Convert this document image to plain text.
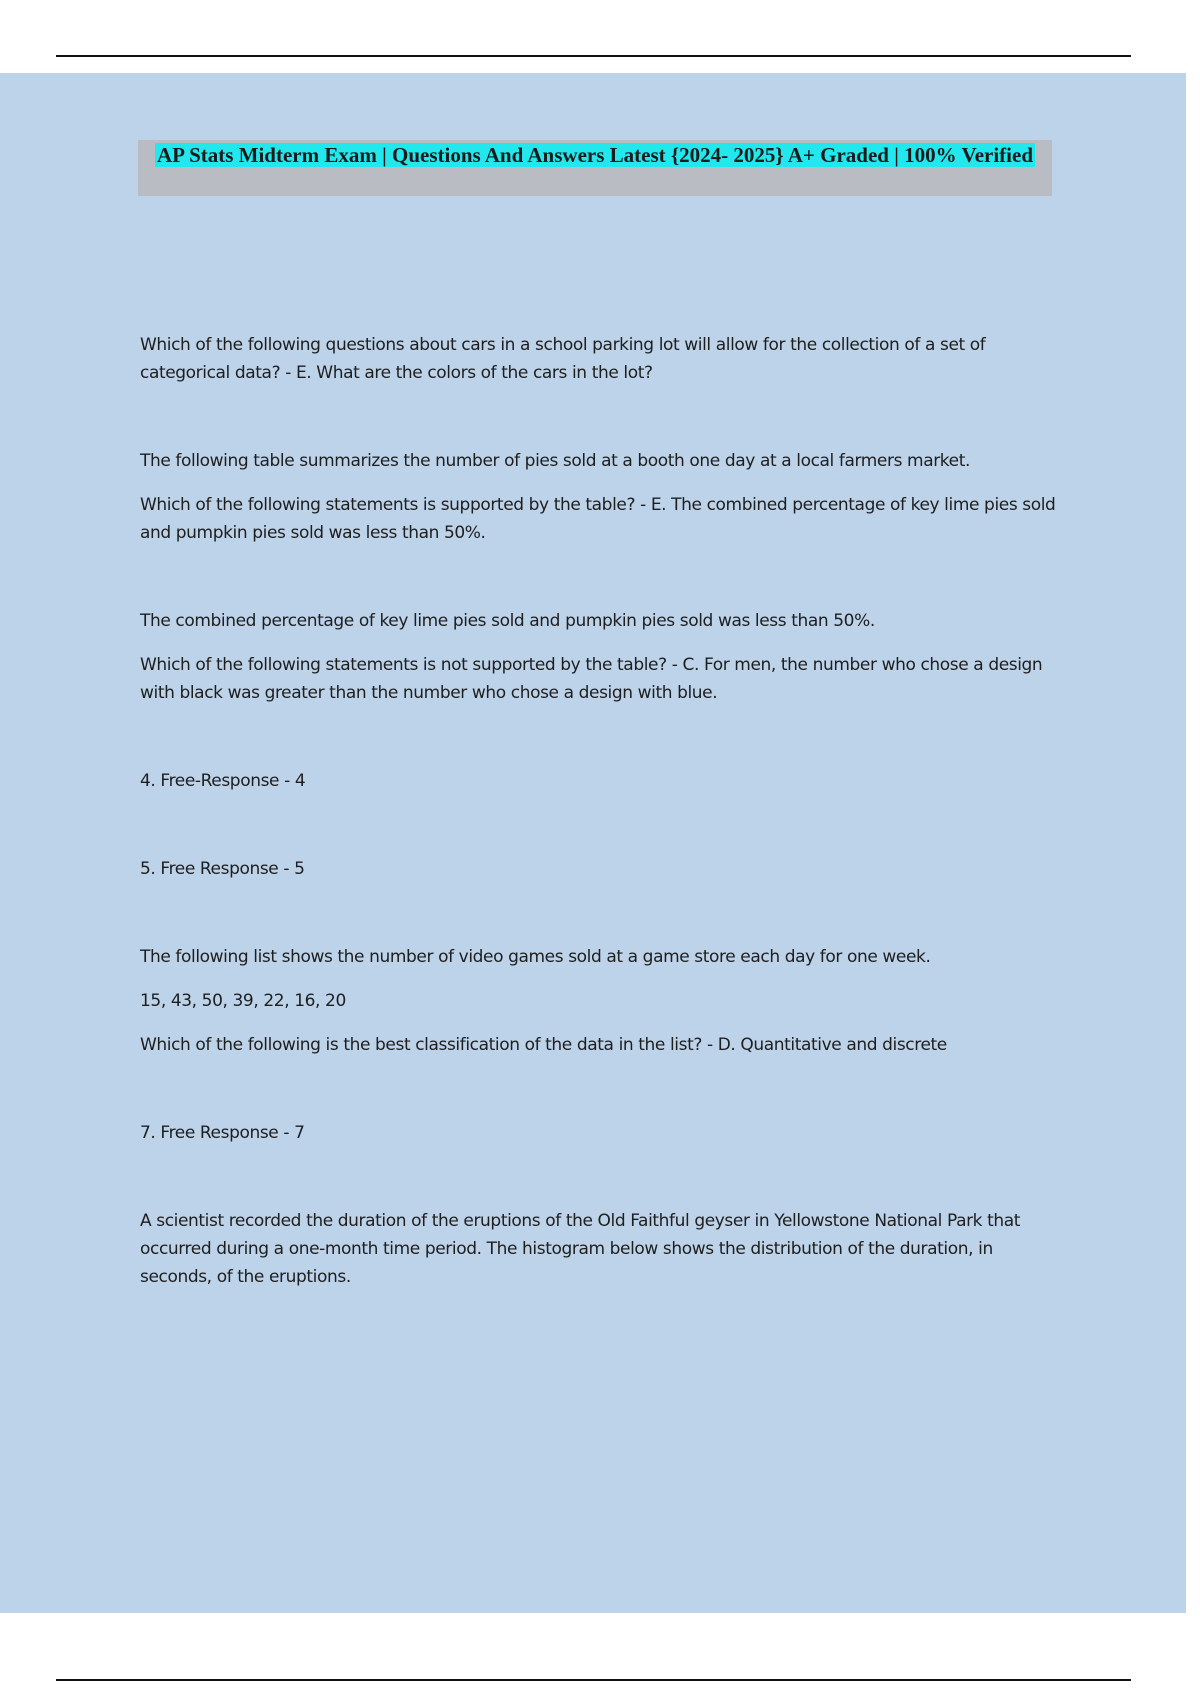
AP Stats Midterm Exam | Questions And Answers Latest {2024- 2025} A+ Graded | 100% Verified

Which of the following questions about cars in a school parking lot will allow for the collection of a set of categorical data? - E. What are the colors of the cars in the lot?

The following table summarizes the number of pies sold at a booth one day at a local farmers market.

Which of the following statements is supported by the table? - E. The combined percentage of key lime pies sold and pumpkin pies sold was less than 50%.

The combined percentage of key lime pies sold and pumpkin pies sold was less than 50%.

Which of the following statements is not supported by the table? - C. For men, the number who chose a design with black was greater than the number who chose a design with blue.

4. Free-Response - 4

5. Free Response - 5

The following list shows the number of video games sold at a game store each day for one week.

15, 43, 50, 39, 22, 16, 20

Which of the following is the best classification of the data in the list? - D. Quantitative and discrete

7. Free Response - 7

A scientist recorded the duration of the eruptions of the Old Faithful geyser in Yellowstone National Park that occurred during a one-month time period. The histogram below shows the distribution of the duration, in seconds, of the eruptions.
